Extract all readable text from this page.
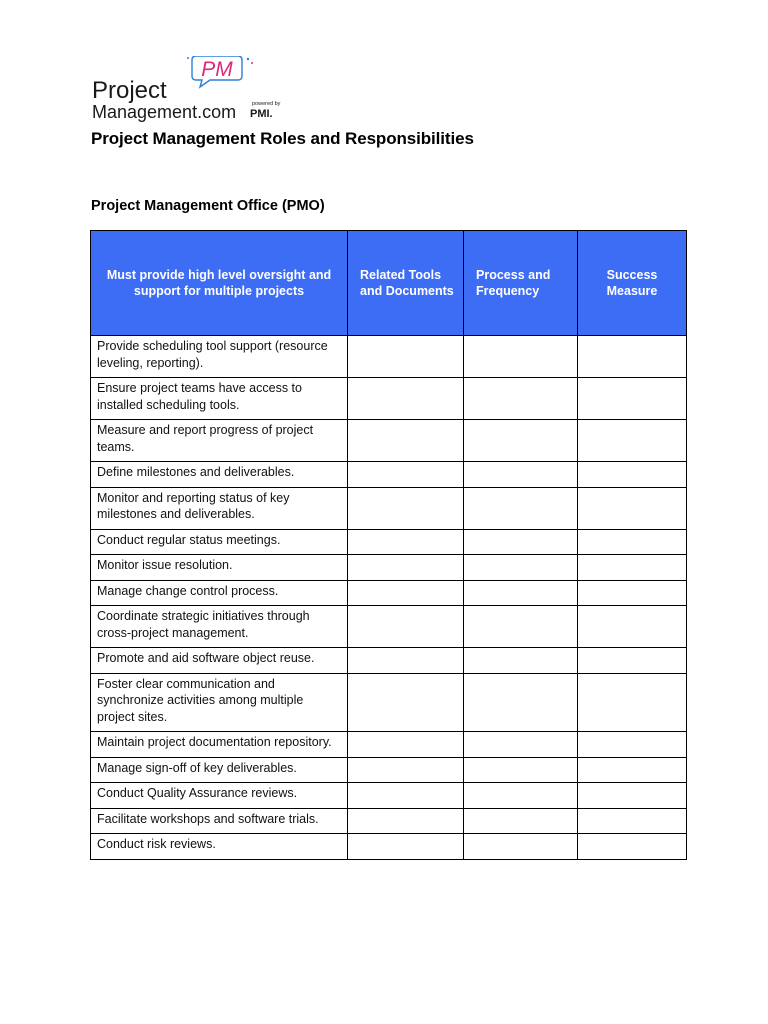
PM
Project
Management.com	powered by
PMI.
Project Management Roles and Responsibilities
Project Management Office (PMO)
Must provide high level oversight and support for multiple projects	Related Tools and Documents	Process and Frequency	Success Measure
Provide scheduling tool support (resource leveling, reporting).			
Ensure project teams have access to installed scheduling tools.			
Measure and report progress of project teams.			
Define milestones and deliverables.			
Monitor and reporting status of key milestones and deliverables.			
Conduct regular status meetings.			
Monitor issue resolution.			
Manage change control process.			
Coordinate strategic initiatives through cross-project management.			
Promote and aid software object reuse.			
Foster clear communication and synchronize activities among multiple project sites.			
Maintain project documentation repository.			
Manage sign-off of key deliverables.			
Conduct Quality Assurance reviews.			
Facilitate workshops and software trials.			
Conduct risk reviews.			
